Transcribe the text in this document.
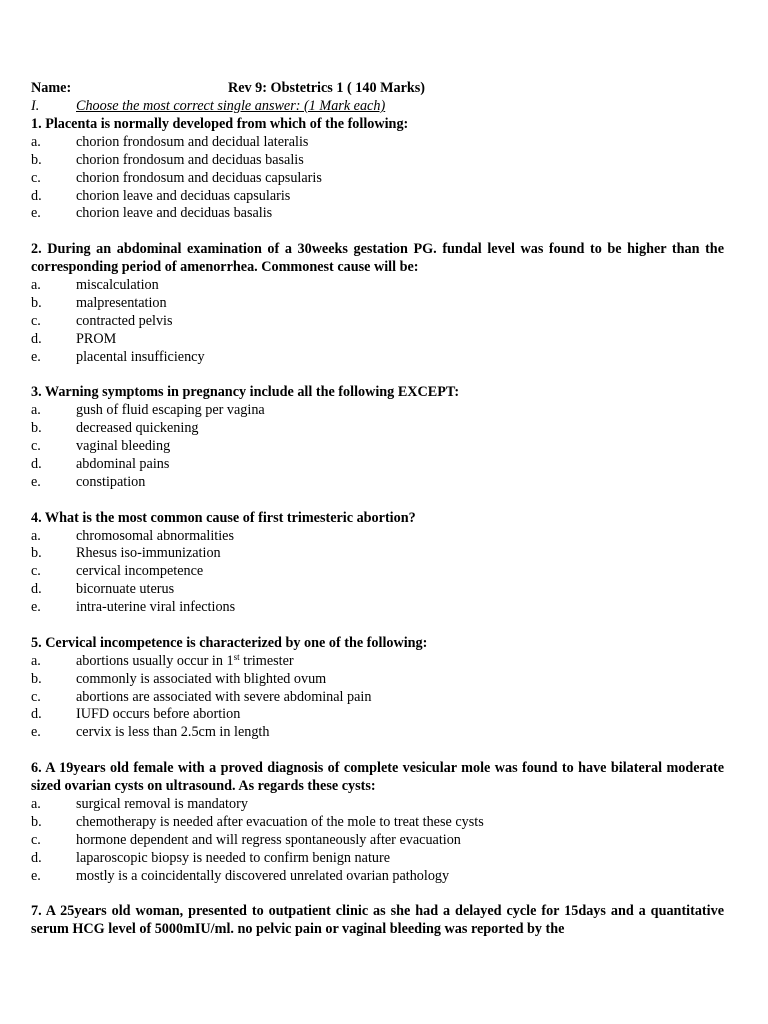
Name:	Rev 9: Obstetrics 1 ( 140 Marks)
I.	Choose the most correct single answer: (1 Mark each)
1. Placenta is normally developed from which of the following:
a. chorion frondosum and decidual lateralis
b. chorion frondosum and deciduas basalis
c. chorion frondosum and deciduas capsularis
d. chorion leave and deciduas capsularis
e. chorion leave and deciduas basalis
2. During an abdominal examination of a 30weeks gestation PG. fundal level was found to be higher than the corresponding period of amenorrhea. Commonest cause will be:
a. miscalculation
b. malpresentation
c. contracted pelvis
d. PROM
e. placental insufficiency
3. Warning symptoms in pregnancy include all the following EXCEPT:
a. gush of fluid escaping per vagina
b. decreased quickening
c. vaginal bleeding
d. abdominal pains
e. constipation
4. What is the most common cause of first trimesteric abortion?
a. chromosomal abnormalities
b. Rhesus iso-immunization
c. cervical incompetence
d. bicornuate uterus
e. intra-uterine viral infections
5. Cervical incompetence is characterized by one of the following:
a. abortions usually occur in 1st trimester
b. commonly is associated with blighted ovum
c. abortions are associated with severe abdominal pain
d. IUFD occurs before abortion
e. cervix is less than 2.5cm in length
6. A 19years old female with a proved diagnosis of complete vesicular mole was found to have bilateral moderate sized ovarian cysts on ultrasound. As regards these cysts:
a. surgical removal is mandatory
b. chemotherapy is needed after evacuation of the mole to treat these cysts
c. hormone dependent and will regress spontaneously after evacuation
d. laparoscopic biopsy is needed to confirm benign nature
e. mostly is a coincidentally discovered unrelated ovarian pathology
7. A 25years old woman, presented to outpatient clinic as she had a delayed cycle for 15days and a quantitative serum HCG level of 5000mIU/ml. no pelvic pain or vaginal bleeding was reported by the
